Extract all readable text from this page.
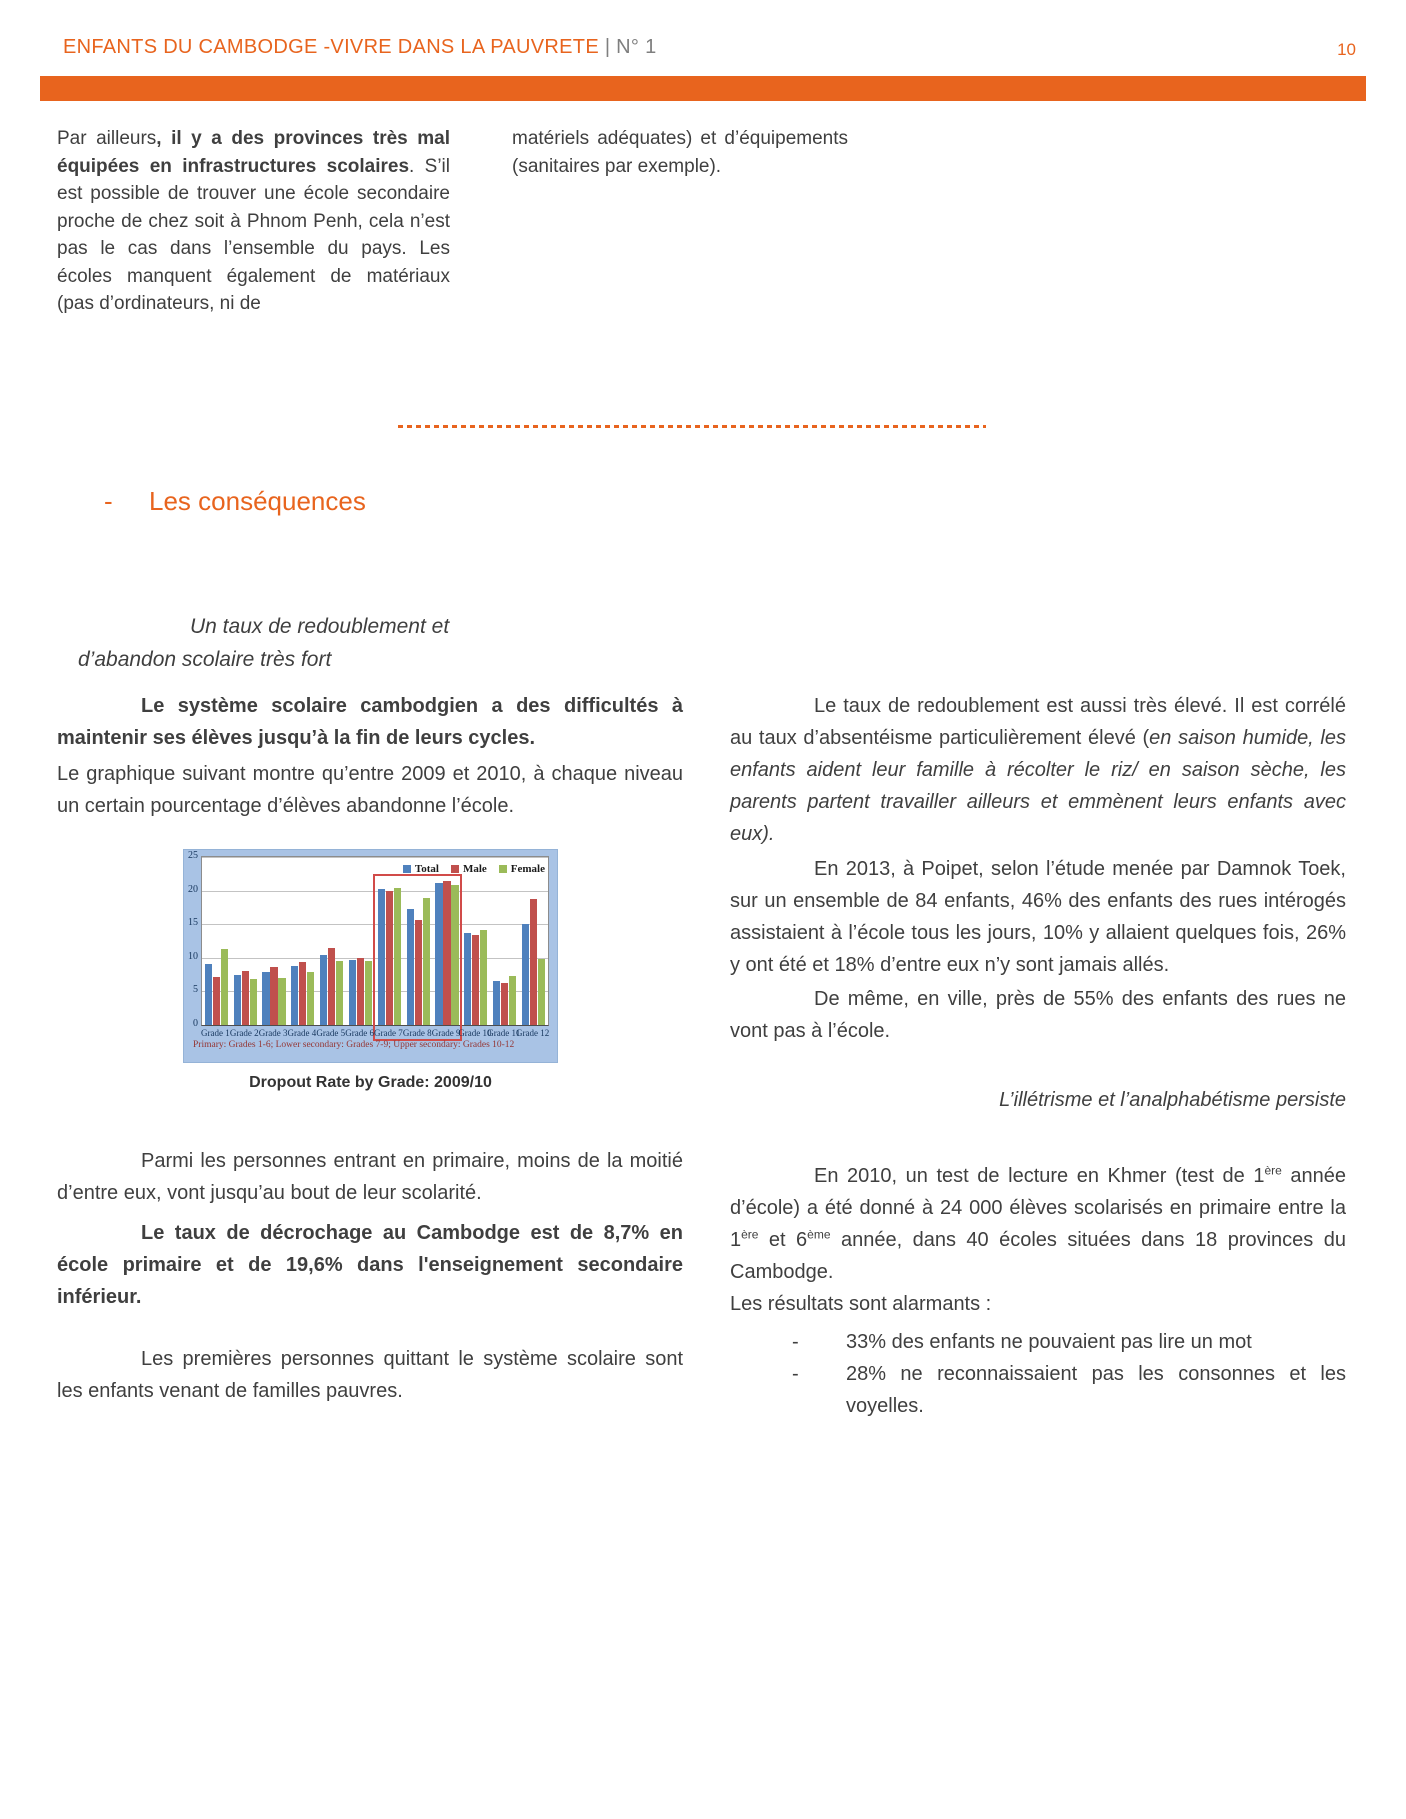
ENFANTS DU CAMBODGE -VIVRE DANS LA PAUVRETE | N° 1	10

Par ailleurs, il y a des provinces très mal équipées en infrastructures scolaires. S’il est possible de trouver une école secondaire proche de chez soit à Phnom Penh, cela n’est pas le cas dans l’ensemble du pays. Les écoles manquent également de matériaux (pas d’ordinateurs, ni de

matériels adéquates) et d’équipements (sanitaires par exemple).

- Les conséquences
Un taux de redoublement et d’abandon scolaire très fort

Le système scolaire cambodgien a des difficultés à maintenir ses élèves jusqu’à la fin de leurs cycles.

Le graphique suivant montre qu’entre 2009 et 2010, à chaque niveau un certain pourcentage d’élèves abandonne l’école.

Total	Male	Female
Primary: Grades 1-6; Lower secondary: Grades 7-9; Upper secondary: Grades 10-12
0
5
10
15
20
25
Grade 1 Grade 2 Grade 3 Grade 4 Grade 5 Grade 6 Grade 7 Grade 8 Grade 9
Grade 10
Grade 11
Grade 12
Dropout Rate by Grade: 2009/10

Parmi les personnes entrant en primaire, moins de la moitié d’entre eux, vont jusqu’au bout de leur scolarité.

Le taux de décrochage au Cambodge est de 8,7% en école primaire et de 19,6% dans l'enseignement secondaire inférieur.

Les premières personnes quittant le système scolaire sont les enfants venant de familles pauvres.

Le taux de redoublement est aussi très élevé. Il est corrélé au taux d’absentéisme particulièrement élevé (en saison humide, les enfants aident leur famille à récolter le riz/ en saison sèche, les parents partent travailler ailleurs et emmènent leurs enfants avec eux).

En 2013, à Poipet, selon l’étude menée par Damnok Toek, sur un ensemble de 84 enfants, 46% des enfants des rues intérogés assistaient à l’école tous les jours, 10% y allaient quelques fois, 26% y ont été et 18% d’entre eux n’y sont jamais allés.

De même, en ville, près de 55% des enfants des rues ne vont pas à l’école.

L’illétrisme et l’analphabétisme persiste

En 2010, un test de lecture en Khmer (test de 1ère année d’école) a été donné à 24 000 élèves scolarisés en primaire entre la 1ère et 6ème année, dans 40 écoles situées dans 18 provinces du Cambodge.

Les résultats sont alarmants :

-	33% des enfants ne pouvaient pas lire un mot
-	28% ne reconnaissaient pas les consonnes et les voyelles.
